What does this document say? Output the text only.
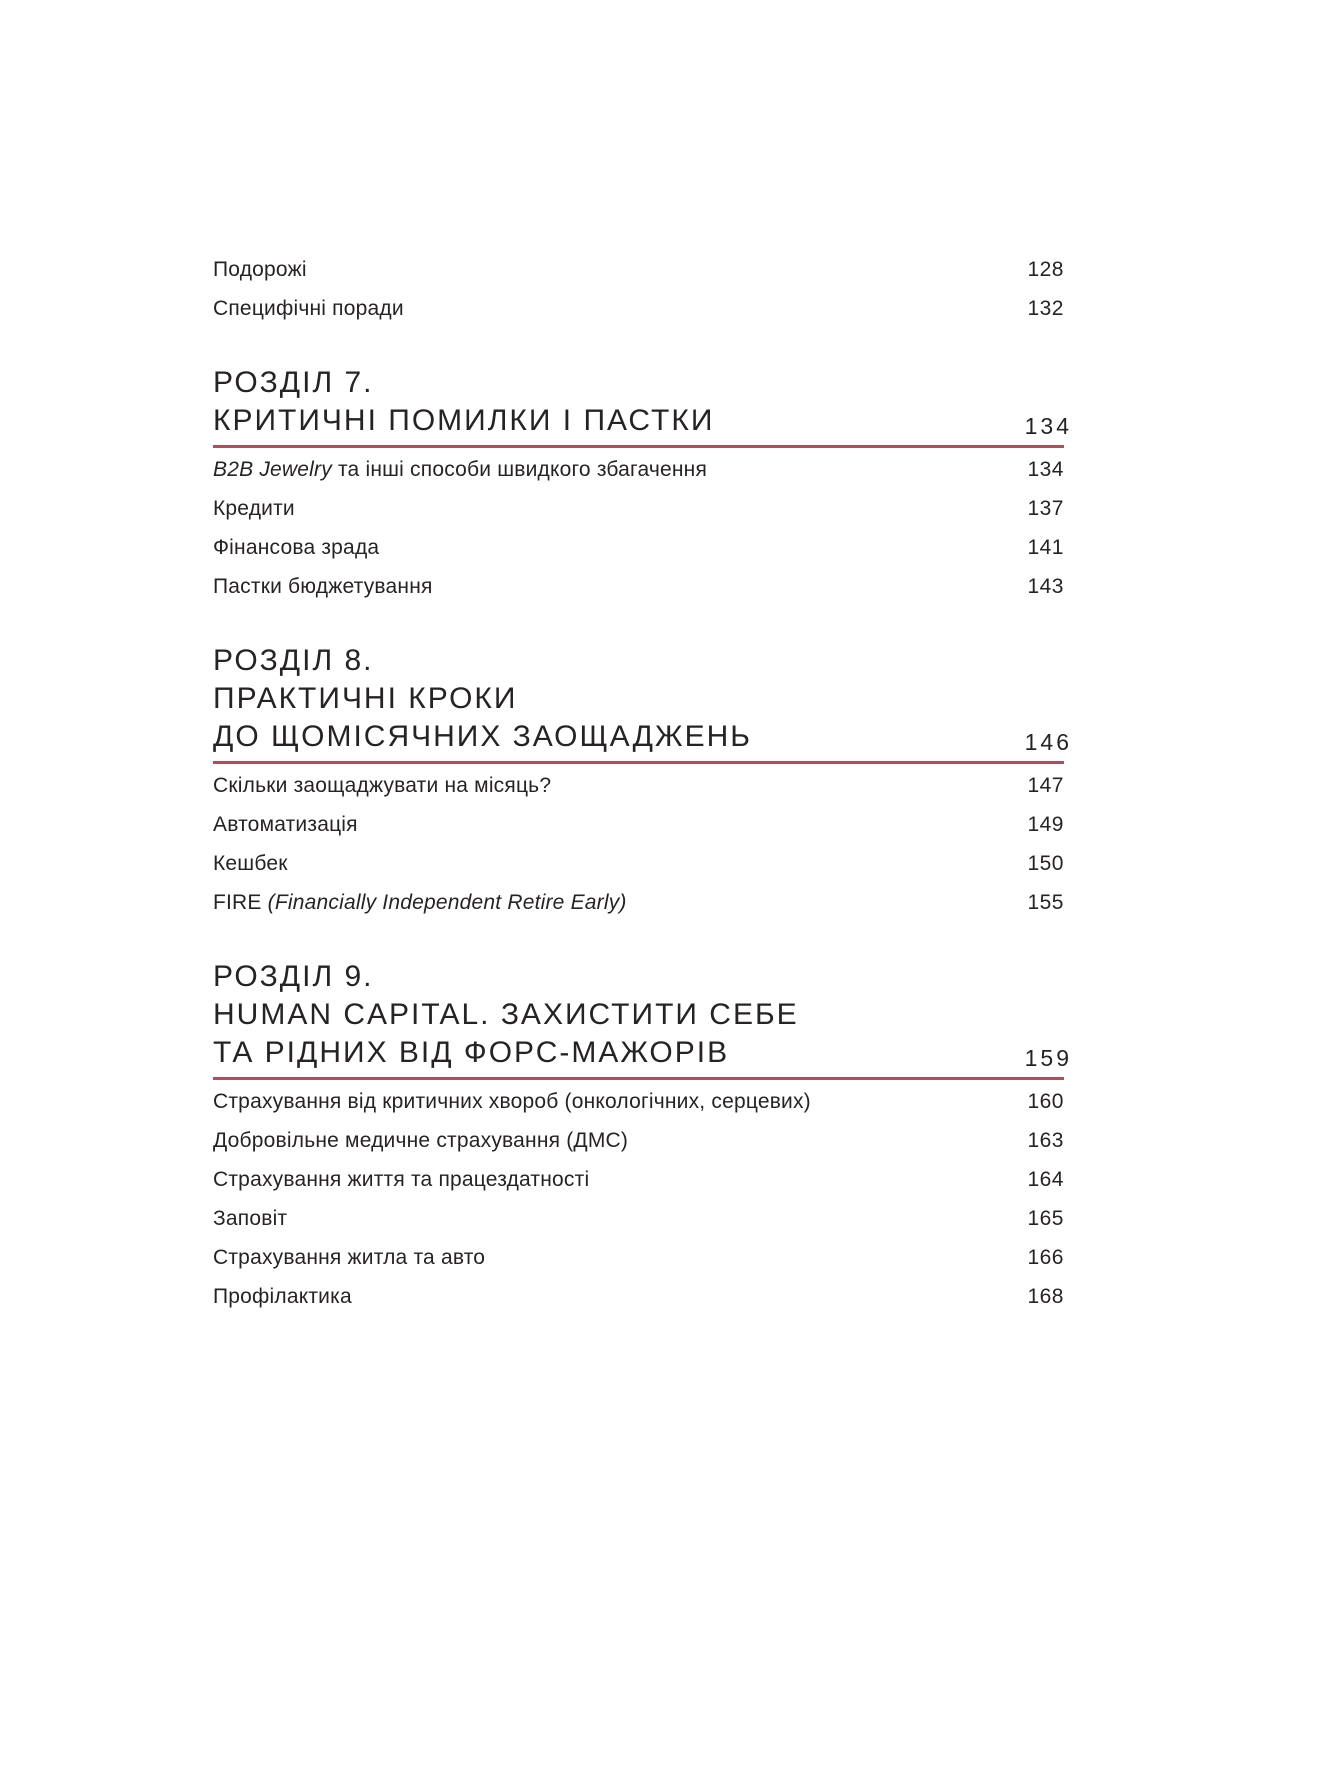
Подорожі	128
Специфічні поради	132
РОЗДІЛ 7.
КРИТИЧНІ ПОМИЛКИ І ПАСТКИ	134
B2B Jewelry та інші способи швидкого збагачення	134
Кредити	137
Фінансова зрада	141
Пастки бюджетування	143
РОЗДІЛ 8.
ПРАКТИЧНІ КРОКИ
ДО ЩОМІСЯЧНИХ ЗАОЩАДЖЕНЬ	146
Скільки заощаджувати на місяць?	147
Автоматизація	149
Кешбек	150
FIRE (Financially Independent Retire Early)	155
РОЗДІЛ 9.
HUMAN CAPITAL. ЗАХИСТИТИ СЕБЕ
ТА РІДНИХ ВІД ФОРС-МАЖОРІВ	159
Страхування від критичних хвороб (онкологічних, серцевих)	160
Добровільне медичне страхування (ДМС)	163
Страхування життя та працездатності	164
Заповіт	165
Страхування житла та авто	166
Профілактика	168
